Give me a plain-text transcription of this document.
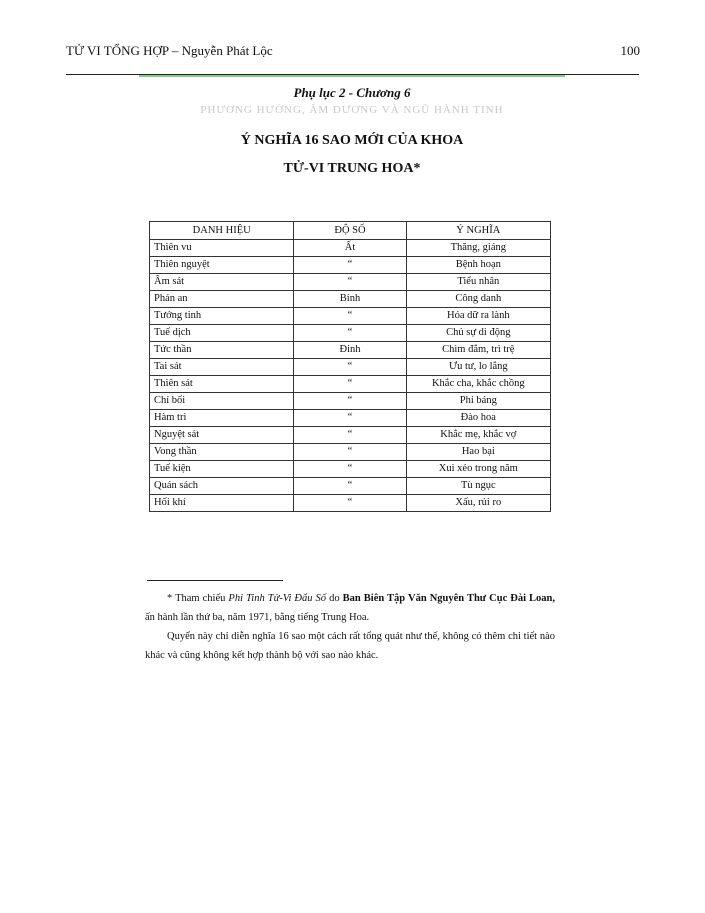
TỬ VI TỔNG HỢP – Nguyễn Phát Lộc	100
PHƯƠNG HƯỚNG, ÂM DƯƠNG VÀ NGŨ HÀNH TINH
Phụ lục 2 - Chương 6
Ý NGHĨA 16 SAO MỚI CỦA KHOA
TỬ-VI TRUNG HOA*
DANH HIỆU	ĐỘ SỐ	Ý NGHĨA
Thiên vu	Ất	Thăng, giáng
Thiên nguyệt	“	Bệnh hoạn
Âm sát	“	Tiểu nhân
Phản an	Bính	Công danh
Tướng tinh	“	Hóa dữ ra lành
Tuế dịch	“	Chủ sự di động
Tức thần	Đinh	Chìm đắm, trì trệ
Tai sát	“	Ưu tư, lo lắng
Thiên sát	“	Khắc cha, khắc chồng
Chỉ bối	“	Phỉ báng
Hàm trì	“	Đào hoa
Nguyệt sát	“	Khắc mẹ, khắc vợ
Vong thần	“	Hao bại
Tuế kiện	“	Xui xẻo trong năm
Quán sách	“	Tù ngục
Hối khí	“	Xấu, rủi ro

* Tham chiếu Phi Tinh Tử-Vi Đẩu Số do Ban Biên Tập Văn Nguyên Thư Cục Đài Loan, ấn hành lần thứ ba, năm 1971, bằng tiếng Trung Hoa.

Quyển này chỉ diễn nghĩa 16 sao một cách rất tổng quát như thế, không có thêm chi tiết nào khác và cũng không kết hợp thành bộ với sao nào khác.
